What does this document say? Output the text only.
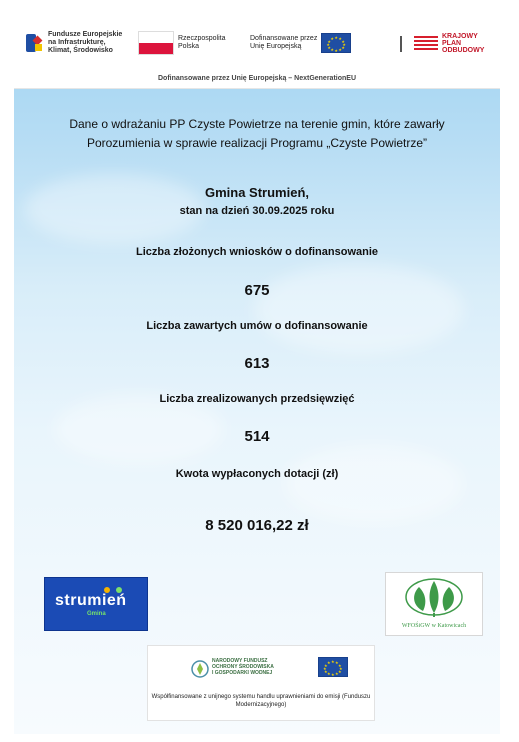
Fundusze Europejskie
na Infrastrukturę,
Klimat, Środowisko
Rzeczpospolita
Polska
Dofinansowane przez
Unię Europejską
★ ★
★
★
★
★
★
★
★
★
★
★	KRAJOWY
PLAN
ODBUDOWY
Dofinansowane przez Unię Europejską – NextGenerationEU
Dane o wdrażaniu PP Czyste Powietrze na terenie gmin, które zawarły Porozumienia w sprawie realizacji Programu „Czyste Powietrze”
Gmina Strumień,
stan na dzień 30.09.2025 roku
Liczba złożonych wniosków o dofinansowanie
675
Liczba zawartych umów o dofinansowanie
613
Liczba zrealizowanych przedsięwzięć
514
Kwota wypłaconych dotacji (zł)
8 520 016,22 zł
strumień
Gmina
WFOŚiGW w Katowicach
NARODOWY FUNDUSZ
OCHRONY ŚRODOWISKA
I GOSPODARKI WODNEJ
★ ★
★
★
★
★
★
★
★
★
★
★
Współfinansowane z unijnego systemu handlu uprawnieniami do emisji (Funduszu Modernizacyjnego)
